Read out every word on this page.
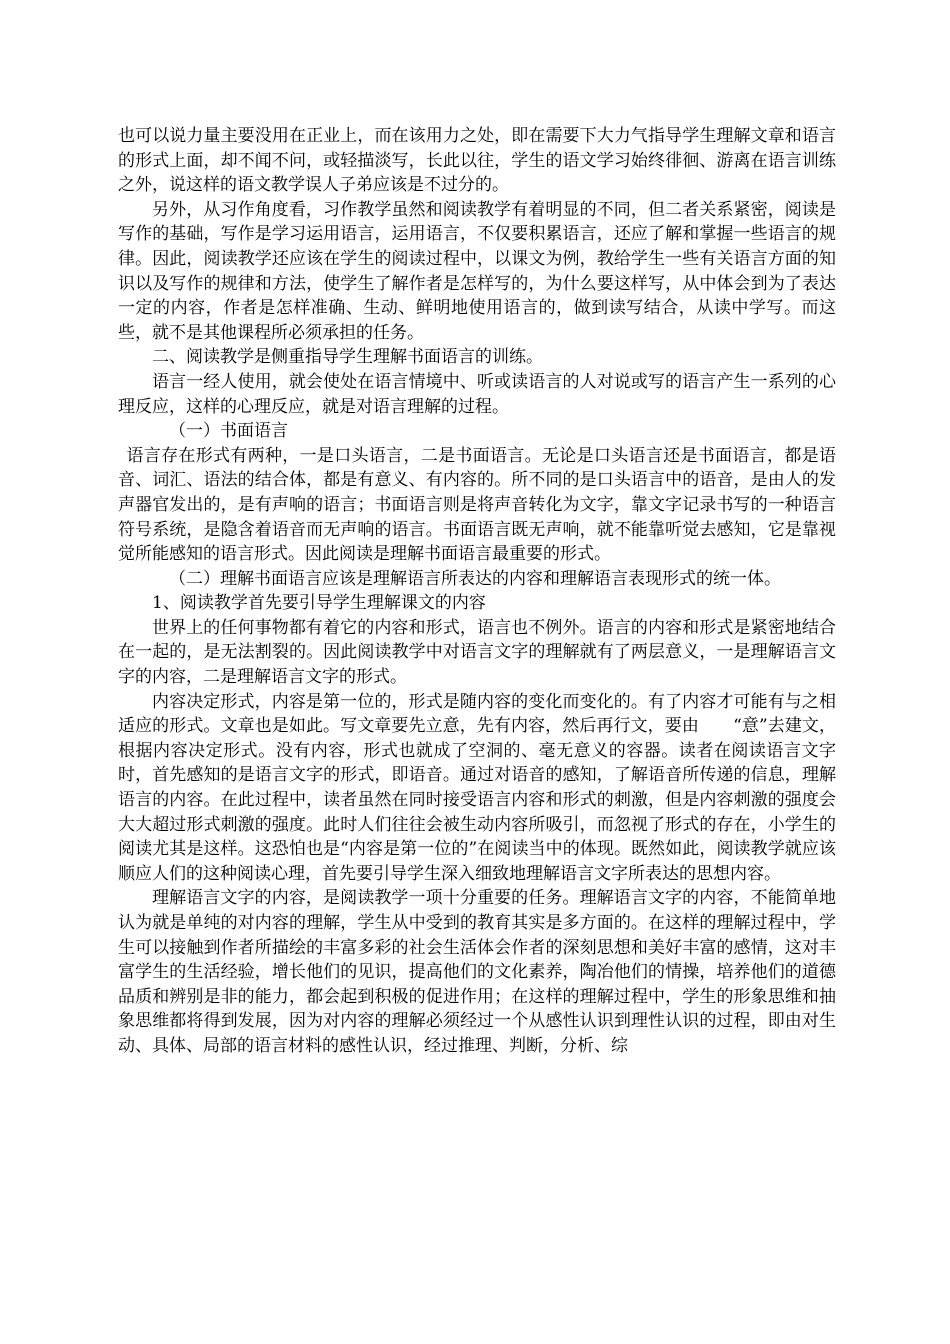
也可以说力量主要没用在正业上，而在该用力之处，即在需要下大力气指导学生理解文章和语言的形式上面，却不闻不问，或轻描淡写，长此以往，学生的语文学习始终徘徊、游离在语言训练之外，说这样的语文教学误人子弟应该是不过分的。

另外，从习作角度看，习作教学虽然和阅读教学有着明显的不同，但二者关系紧密，阅读是写作的基础，写作是学习运用语言，运用语言，不仅要积累语言，还应了解和掌握一些语言的规律。因此，阅读教学还应该在学生的阅读过程中，以课文为例，教给学生一些有关语言方面的知识以及写作的规律和方法，使学生了解作者是怎样写的，为什么要这样写，从中体会到为了表达一定的内容，作者是怎样准确、生动、鲜明地使用语言的，做到读写结合，从读中学写。而这些，就不是其他课程所必须承担的任务。

二、阅读教学是侧重指导学生理解书面语言的训练。

语言一经人使用，就会使处在语言情境中、听或读语言的人对说或写的语言产生一系列的心理反应，这样的心理反应，就是对语言理解的过程。

（一）书面语言

语言存在形式有两种，一是口头语言，二是书面语言。无论是口头语言还是书面语言，都是语音、词汇、语法的结合体，都是有意义、有内容的。所不同的是口头语言中的语音，是由人的发声器官发出的，是有声响的语言；书面语言则是将声音转化为文字，靠文字记录书写的一种语言符号系统，是隐含着语音而无声响的语言。书面语言既无声响，就不能靠听觉去感知，它是靠视觉所能感知的语言形式。因此阅读是理解书面语言最重要的形式。

（二）理解书面语言应该是理解语言所表达的内容和理解语言表现形式的统一体。

1、阅读教学首先要引导学生理解课文的内容

世界上的任何事物都有着它的内容和形式，语言也不例外。语言的内容和形式是紧密地结合在一起的，是无法割裂的。因此阅读教学中对语言文字的理解就有了两层意义，一是理解语言文字的内容，二是理解语言文字的形式。

内容决定形式，内容是第一位的，形式是随内容的变化而变化的。有了内容才可能有与之相适应的形式。文章也是如此。写文章要先立意，先有内容，然后再行文，要由　　“意”去建文，根据内容决定形式。没有内容，形式也就成了空洞的、毫无意义的容器。读者在阅读语言文字时，首先感知的是语言文字的形式，即语音。通过对语音的感知，了解语音所传递的信息，理解语言的内容。在此过程中，读者虽然在同时接受语言内容和形式的刺激，但是内容刺激的强度会大大超过形式刺激的强度。此时人们往往会被生动内容所吸引，而忽视了形式的存在，小学生的阅读尤其是这样。这恐怕也是“内容是第一位的”在阅读当中的体现。既然如此，阅读教学就应该顺应人们的这种阅读心理，首先要引导学生深入细致地理解语言文字所表达的思想内容。

理解语言文字的内容，是阅读教学一项十分重要的任务。理解语言文字的内容，不能简单地认为就是单纯的对内容的理解，学生从中受到的教育其实是多方面的。在这样的理解过程中，学生可以接触到作者所描绘的丰富多彩的社会生活体会作者的深刻思想和美好丰富的感情，这对丰富学生的生活经验，增长他们的见识，提高他们的文化素养，陶冶他们的情操，培养他们的道德品质和辨别是非的能力，都会起到积极的促进作用；在这样的理解过程中，学生的形象思维和抽象思维都将得到发展，因为对内容的理解必须经过一个从感性认识到理性认识的过程，即由对生动、具体、局部的语言材料的感性认识，经过推理、判断，分析、综
